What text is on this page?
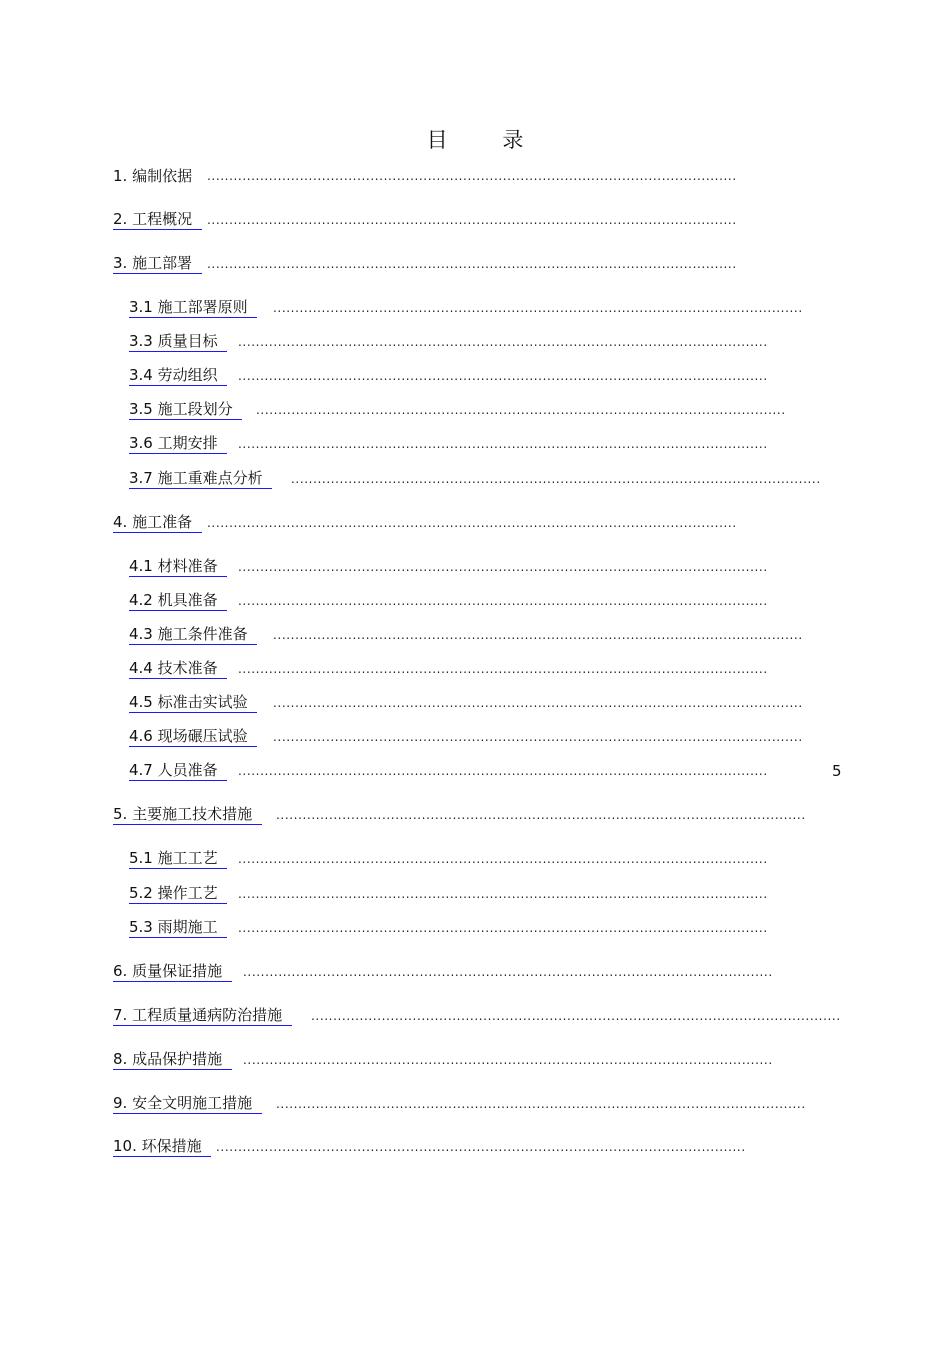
目 录
1. 编制依据 ........................................................................................................................
2. 工程概况	........................................................................................................................
3. 施工部署	........................................................................................................................
3.1 施工部署原则	........................................................................................................................
3.3 质量目标	........................................................................................................................
3.4 劳动组织	........................................................................................................................
3.5 施工段划分	........................................................................................................................
3.6 工期安排	........................................................................................................................
3.7 施工重难点分析	........................................................................................................................
4. 施工准备	........................................................................................................................
4.1 材料准备	........................................................................................................................
4.2 机具准备	........................................................................................................................
4.3 施工条件准备	........................................................................................................................
4.4 技术准备	........................................................................................................................
4.5 标准击实试验	........................................................................................................................
4.6 现场碾压试验	........................................................................................................................
4.7 人员准备	........................................................................................................................	5
5. 主要施工技术措施	........................................................................................................................
5.1 施工工艺	........................................................................................................................
5.2 操作工艺	........................................................................................................................
5.3 雨期施工	........................................................................................................................
6. 质量保证措施	........................................................................................................................
7. 工程质量通病防治措施	........................................................................................................................
8. 成品保护措施	........................................................................................................................
9. 安全文明施工措施	........................................................................................................................
10. 环保措施	........................................................................................................................
